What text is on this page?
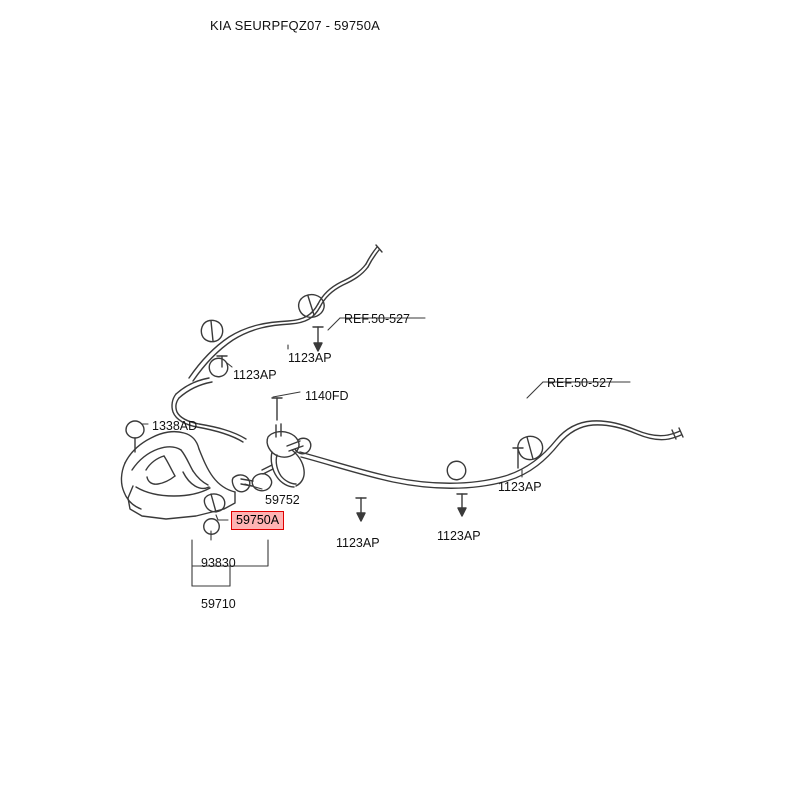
KIA SEURPFQZ07 - 59750A
REF.50-527
REF.50-527
1123AP
1123AP
1140FD
1338AD
59752
1123AP
1123AP	1123AP
59750A
93830
59710
